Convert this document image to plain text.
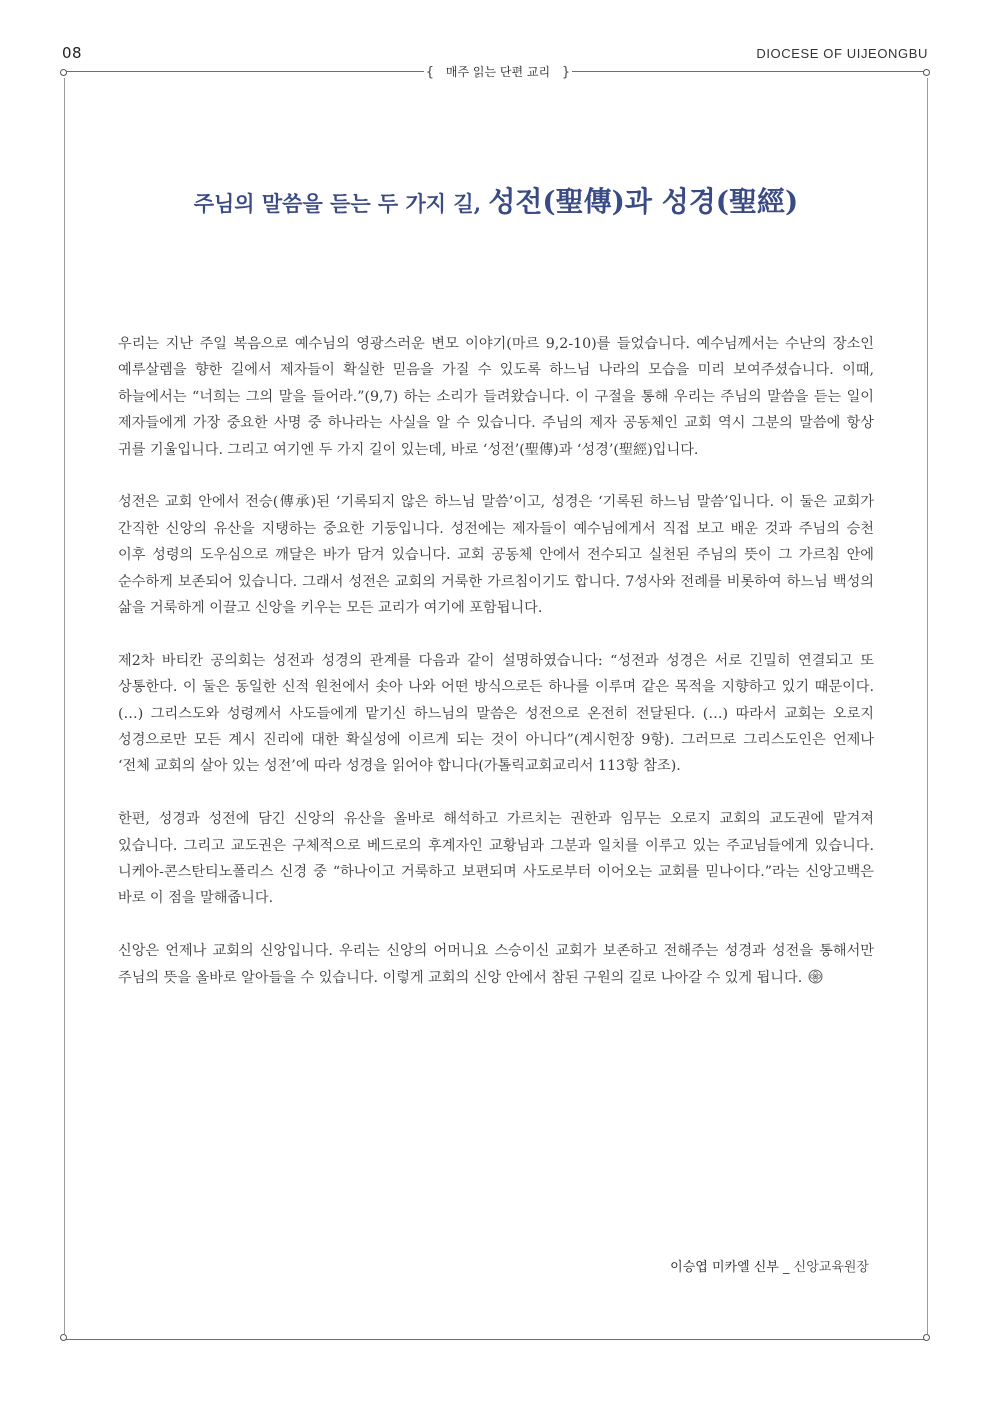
08	DIOCESE OF UIJEONGBU
{ 매주 읽는 단편 교리 }
주님의 말씀을 듣는 두 가지 길, 성전(聖傳)과 성경(聖經)

우리는 지난 주일 복음으로 예수님의 영광스러운 변모 이야기(마르 9,2-10)를 들었습니다. 예수님께서는 수난의 장소인 예루살렘을 향한 길에서 제자들이 확실한 믿음을 가질 수 있도록 하느님 나라의 모습을 미리 보여주셨습니다. 이때, 하늘에서는 “너희는 그의 말을 들어라.”(9,7) 하는 소리가 들려왔습니다. 이 구절을 통해 우리는 주님의 말씀을 듣는 일이 제자들에게 가장 중요한 사명 중 하나라는 사실을 알 수 있습니다. 주님의 제자 공동체인 교회 역시 그분의 말씀에 항상 귀를 기울입니다. 그리고 여기엔 두 가지 길이 있는데, 바로 ‘성전’(聖傳)과 ‘성경’(聖經)입니다.

성전은 교회 안에서 전승(傳承)된 ‘기록되지 않은 하느님 말씀’이고, 성경은 ‘기록된 하느님 말씀’입니다. 이 둘은 교회가 간직한 신앙의 유산을 지탱하는 중요한 기둥입니다. 성전에는 제자들이 예수님에게서 직접 보고 배운 것과 주님의 승천 이후 성령의 도우심으로 깨달은 바가 담겨 있습니다. 교회 공동체 안에서 전수되고 실천된 주님의 뜻이 그 가르침 안에 순수하게 보존되어 있습니다. 그래서 성전은 교회의 거룩한 가르침이기도 합니다. 7성사와 전례를 비롯하여 하느님 백성의 삶을 거룩하게 이끌고 신앙을 키우는 모든 교리가 여기에 포함됩니다.

제2차 바티칸 공의회는 성전과 성경의 관계를 다음과 같이 설명하였습니다: “성전과 성경은 서로 긴밀히 연결되고 또 상통한다. 이 둘은 동일한 신적 원천에서 솟아 나와 어떤 방식으로든 하나를 이루며 같은 목적을 지향하고 있기 때문이다. (…) 그리스도와 성령께서 사도들에게 맡기신 하느님의 말씀은 성전으로 온전히 전달된다. (…) 따라서 교회는 오로지 성경으로만 모든 계시 진리에 대한 확실성에 이르게 되는 것이 아니다”(계시헌장 9항). 그러므로 그리스도인은 언제나 ‘전체 교회의 살아 있는 성전’에 따라 성경을 읽어야 합니다(가톨릭교회교리서 113항 참조).

한편, 성경과 성전에 담긴 신앙의 유산을 올바로 해석하고 가르치는 권한과 임무는 오로지 교회의 교도권에 맡겨져 있습니다. 그리고 교도권은 구체적으로 베드로의 후계자인 교황님과 그분과 일치를 이루고 있는 주교님들에게 있습니다. 니케아-콘스탄티노폴리스 신경 중 “하나이고 거룩하고 보편되며 사도로부터 이어오는 교회를 믿나이다.”라는 신앙고백은 바로 이 점을 말해줍니다.

신앙은 언제나 교회의 신앙입니다. 우리는 신앙의 어머니요 스승이신 교회가 보존하고 전해주는 성경과 성전을 통해서만 주님의 뜻을 올바로 알아들을 수 있습니다. 이렇게 교회의 신앙 안에서 참된 구원의 길로 나아갈 수 있게 됩니다.

이승엽 미카엘 신부 _ 신앙교육원장
